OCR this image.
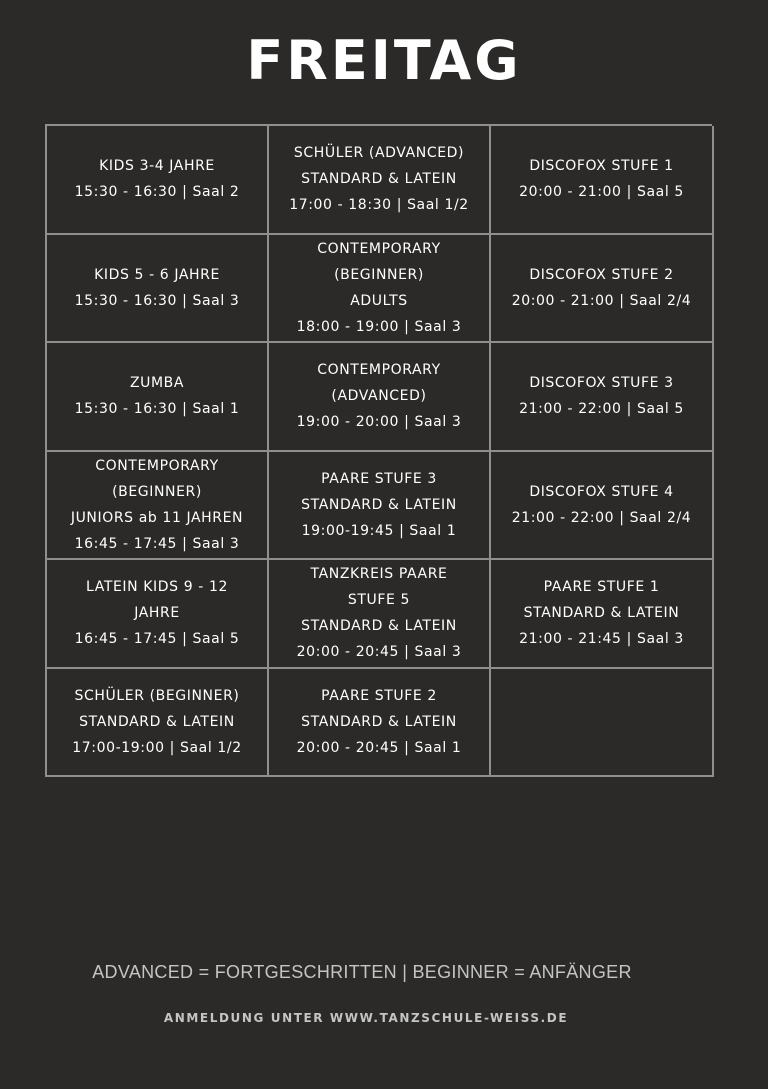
FREITAG
KIDS 3-4 JAHRE
15:30 - 16:30 | Saal 2
SCHÜLER (ADVANCED)
STANDARD & LATEIN
17:00 - 18:30 | Saal 1/2
DISCOFOX STUFE 1
20:00 - 21:00 | Saal 5
KIDS 5 - 6 JAHRE
15:30 - 16:30 | Saal 3
CONTEMPORARY
(BEGINNER)
ADULTS
18:00 - 19:00 | Saal 3
DISCOFOX STUFE 2
20:00 - 21:00 | Saal 2/4
ZUMBA
15:30 - 16:30 | Saal 1
CONTEMPORARY
(ADVANCED)
19:00 - 20:00 | Saal 3
DISCOFOX STUFE 3
21:00 - 22:00 | Saal 5
CONTEMPORARY
(BEGINNER)
JUNIORS ab 11 JAHREN
16:45 - 17:45 | Saal 3
PAARE STUFE 3
STANDARD & LATEIN
19:00-19:45 | Saal 1
DISCOFOX STUFE 4
21:00 - 22:00 | Saal 2/4
LATEIN KIDS 9 - 12
JAHRE
16:45 - 17:45 | Saal 5
TANZKREIS PAARE
STUFE 5
STANDARD & LATEIN
20:00 - 20:45 | Saal 3
PAARE STUFE 1
STANDARD & LATEIN
21:00 - 21:45 | Saal 3
SCHÜLER (BEGINNER)
STANDARD & LATEIN
17:00-19:00 | Saal 1/2
PAARE STUFE 2
STANDARD & LATEIN
20:00 - 20:45 | Saal 1
ADVANCED = FORTGESCHRITTEN | BEGINNER = ANFÄNGER
ANMELDUNG UNTER WWW.TANZSCHULE-WEISS.DE
